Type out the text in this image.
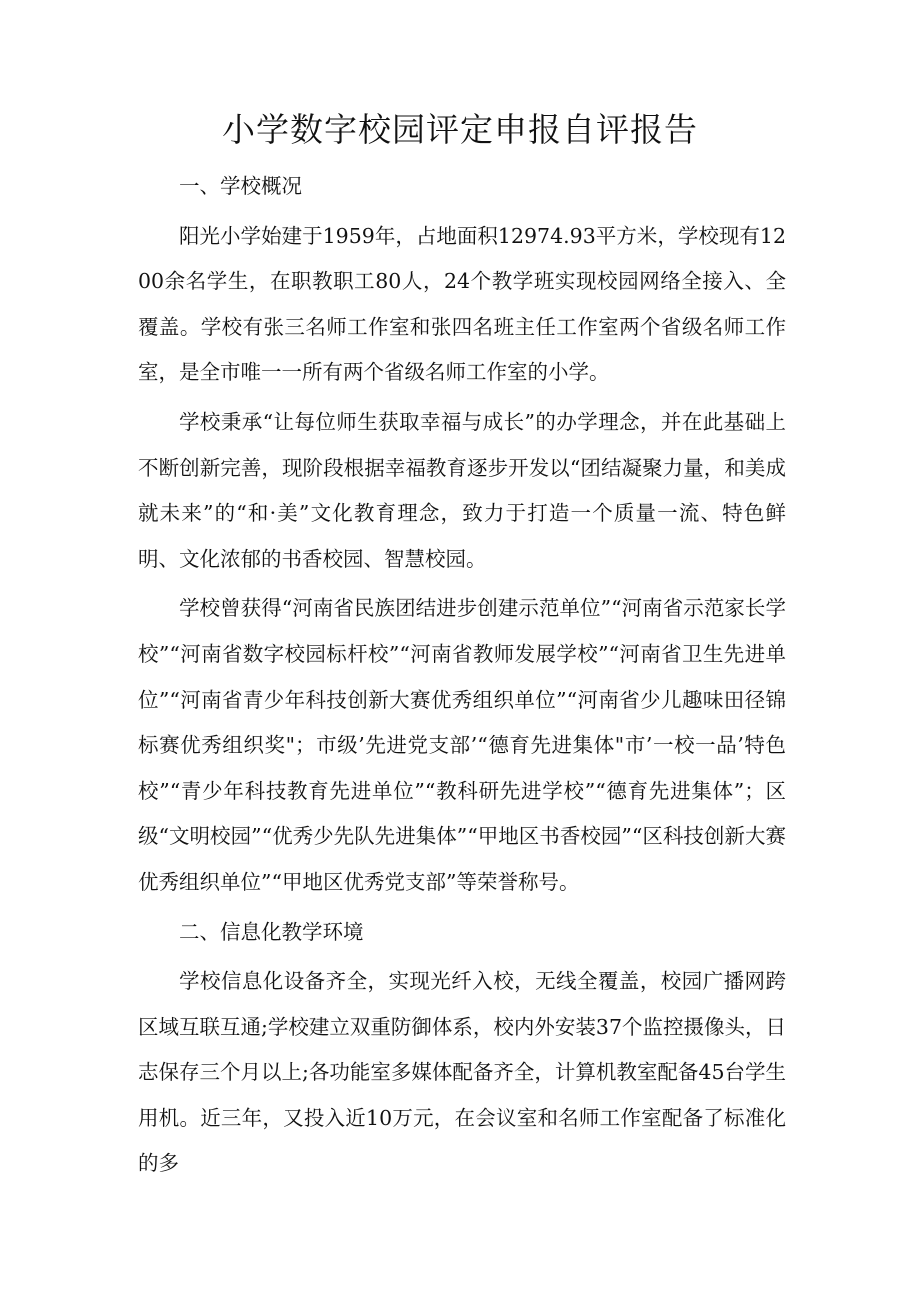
小学数字校园评定申报自评报告

一、学校概况

阳光小学始建于1959年，占地面积12974.93平方米，学校现有1200余名学生，在职教职工80人，24个教学班实现校园网络全接入、全覆盖。学校有张三名师工作室和张四名班主任工作室两个省级名师工作室，是全市唯一一所有两个省级名师工作室的小学。

学校秉承“让每位师生获取幸福与成长”的办学理念，并在此基础上不断创新完善，现阶段根据幸福教育逐步开发以“团结凝聚力量，和美成就未来”的“和·美”文化教育理念，致力于打造一个质量一流、特色鲜明、文化浓郁的书香校园、智慧校园。

学校曾获得“河南省民族团结进步创建示范单位”“河南省示范家长学校”“河南省数字校园标杆校”“河南省教师发展学校”“河南省卫生先进单位”“河南省青少年科技创新大赛优秀组织单位”“河南省少儿趣味田径锦标赛优秀组织奖"；市级’先进党支部’“德育先进集体"市’一校一品’特色校”“青少年科技教育先进单位”“教科研先进学校”“德育先进集体”；区级“文明校园”“优秀少先队先进集体”“甲地区书香校园”“区科技创新大赛优秀组织单位”“甲地区优秀党支部”等荣誉称号。

二、信息化教学环境

学校信息化设备齐全，实现光纤入校，无线全覆盖，校园广播网跨区域互联互通;学校建立双重防御体系，校内外安装37个监控摄像头，日志保存三个月以上;各功能室多媒体配备齐全，计算机教室配备45台学生用机。近三年，又投入近10万元，在会议室和名师工作室配备了标准化的多
